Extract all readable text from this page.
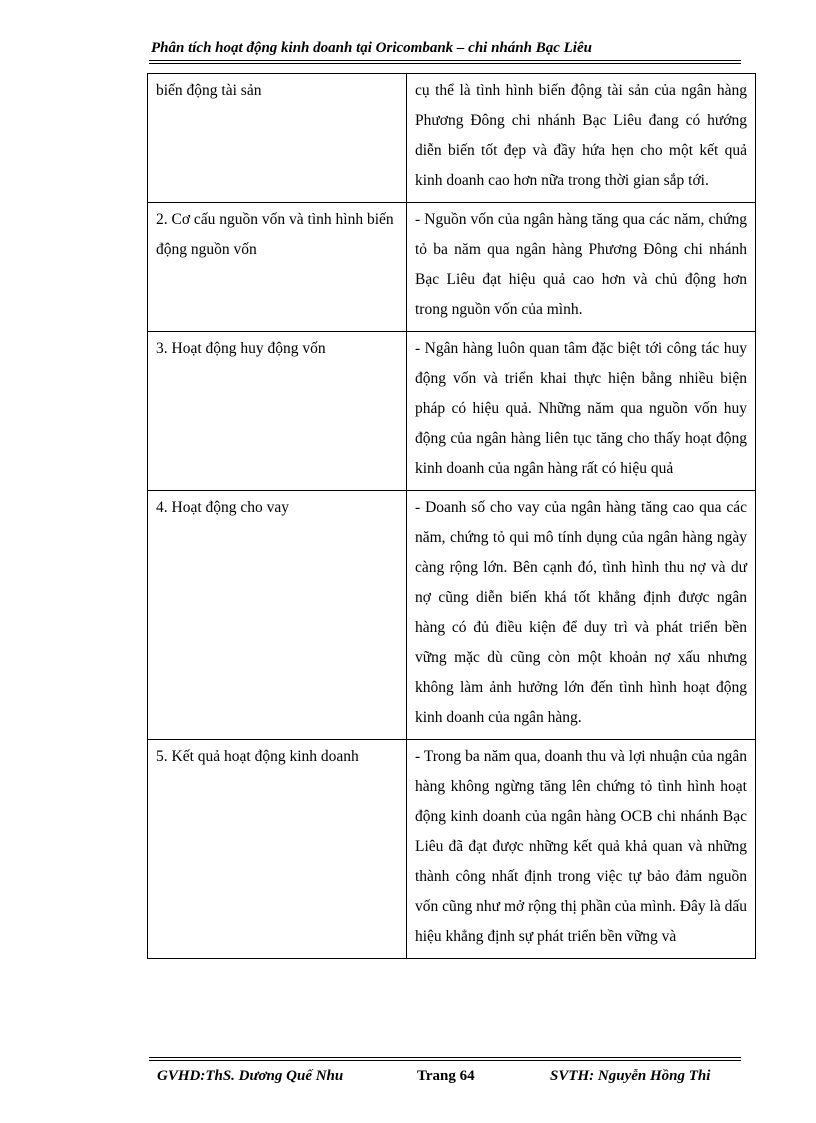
Phân tích hoạt động kinh doanh tại Oricombank – chi nhánh Bạc Liêu
biến động tài sản	cụ thể là tình hình biến động tài sản của ngân hàng Phương Đông chi nhánh Bạc Liêu đang có hướng diễn biến tốt đẹp và đầy hứa hẹn cho một kết quả kinh doanh cao hơn nữa trong thời gian sắp tới.
2. Cơ cấu nguồn vốn và tình hình biến động nguồn vốn	- Nguồn vốn của ngân hàng tăng qua các năm, chứng tỏ ba năm qua ngân hàng Phương Đông chi nhánh Bạc Liêu đạt hiệu quả cao hơn và chủ động hơn trong nguồn vốn của mình.
3. Hoạt động huy động vốn	- Ngân hàng luôn quan tâm đặc biệt tới công tác huy động vốn và triển khai thực hiện bằng nhiều biện pháp có hiệu quả. Những năm qua nguồn vốn huy động của ngân hàng liên tục tăng cho thấy hoạt động kinh doanh của ngân hàng rất có hiệu quả
4. Hoạt động cho vay	- Doanh số cho vay của ngân hàng tăng cao qua các năm, chứng tỏ qui mô tính dụng của ngân hàng ngày càng rộng lớn. Bên cạnh đó, tình hình thu nợ và dư nợ cũng diễn biến khá tốt khẳng định được ngân hàng có đủ điều kiện để duy trì và phát triển bền vững mặc dù cũng còn một khoản nợ xấu nhưng không làm ảnh hưởng lớn đến tình hình hoạt động kinh doanh của ngân hàng.
5. Kết quả hoạt động kinh doanh	- Trong ba năm qua, doanh thu và lợi nhuận của ngân hàng không ngừng tăng lên chứng tỏ tình hình hoạt động kinh doanh của ngân hàng OCB chi nhánh Bạc Liêu đã đạt được những kết quả khả quan và những thành công nhất định trong việc tự bảo đảm nguồn vốn cũng như mở rộng thị phần của mình. Đây là dấu hiệu khẳng định sự phát triển bền vững và
GVHD:ThS. Dương Quế Nhu	Trang 64	SVTH: Nguyễn Hồng Thi
